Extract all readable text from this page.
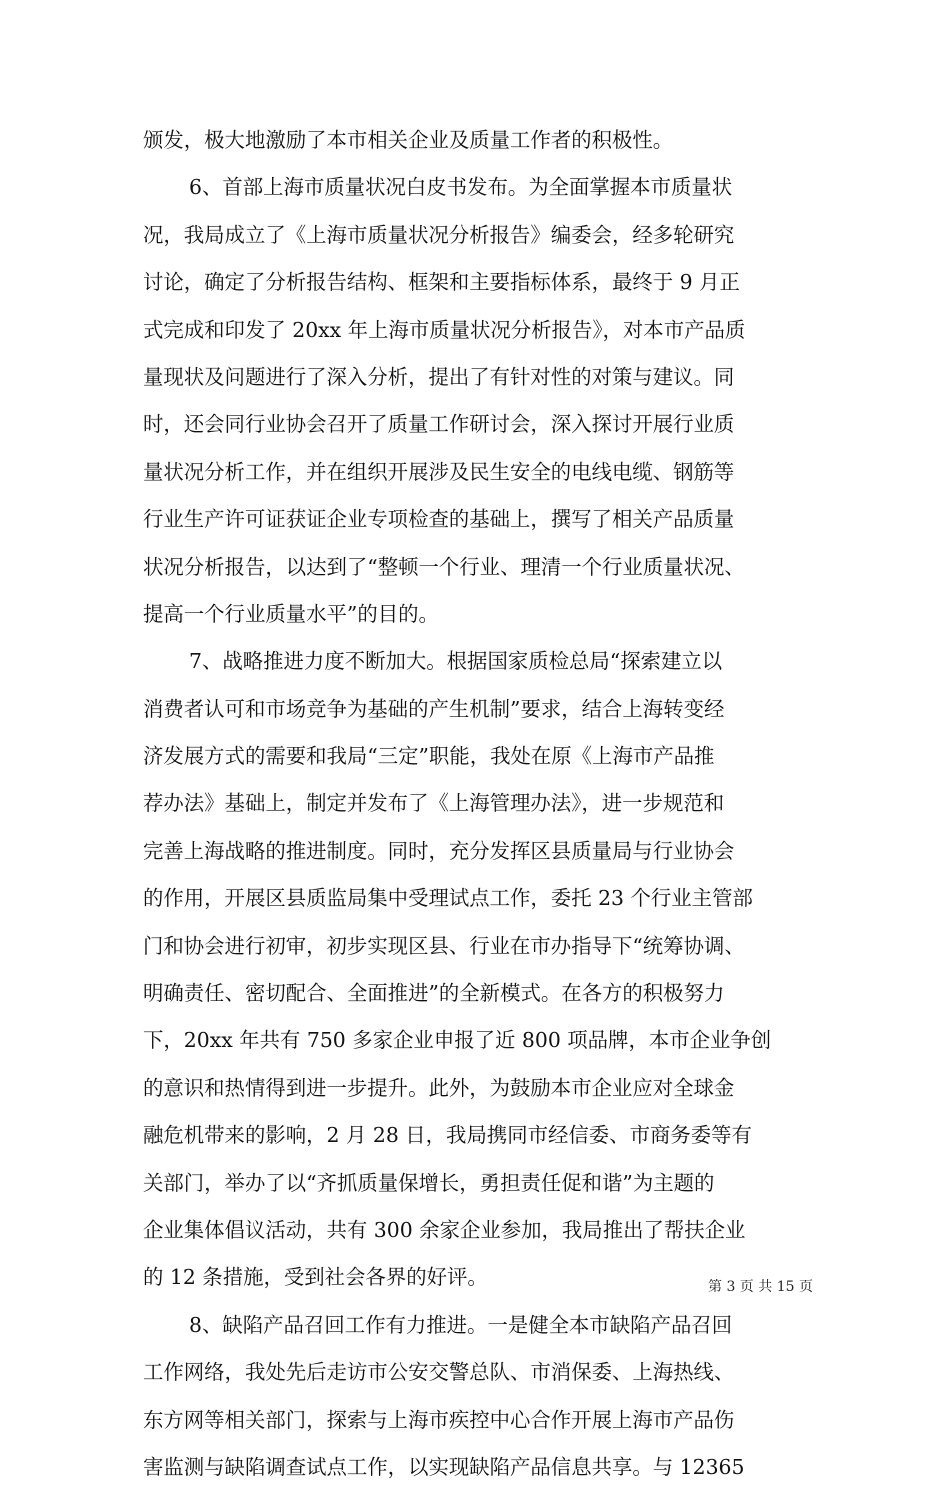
颁发，极大地激励了本市相关企业及质量工作者的积极性。
6、首部上海市质量状况白皮书发布。为全面掌握本市质量状
况，我局成立了《上海市质量状况分析报告》编委会，经多轮研究
讨论，确定了分析报告结构、框架和主要指标体系，最终于 9 月正
式完成和印发了 20xx 年上海市质量状况分析报告》，对本市产品质
量现状及问题进行了深入分析，提出了有针对性的对策与建议。同
时，还会同行业协会召开了质量工作研讨会，深入探讨开展行业质
量状况分析工作，并在组织开展涉及民生安全的电线电缆、钢筋等
行业生产许可证获证企业专项检查的基础上，撰写了相关产品质量
状况分析报告，以达到了“整顿一个行业、理清一个行业质量状况、
提高一个行业质量水平”的目的。
7、战略推进力度不断加大。根据国家质检总局“探索建立以
消费者认可和市场竞争为基础的产生机制”要求，结合上海转变经
济发展方式的需要和我局“三定”职能，我处在原《上海市产品推
荐办法》基础上，制定并发布了《上海管理办法》，进一步规范和
完善上海战略的推进制度。同时，充分发挥区县质量局与行业协会
的作用，开展区县质监局集中受理试点工作，委托 23 个行业主管部
门和协会进行初审，初步实现区县、行业在市办指导下“统筹协调、
明确责任、密切配合、全面推进”的全新模式。在各方的积极努力
下，20xx 年共有 750 多家企业申报了近 800 项品牌，本市企业争创
的意识和热情得到进一步提升。此外，为鼓励本市企业应对全球金
融危机带来的影响，2 月 28 日，我局携同市经信委、市商务委等有
关部门，举办了以“齐抓质量保增长，勇担责任促和谐”为主题的
企业集体倡议活动，共有 300 余家企业参加，我局推出了帮扶企业
的 12 条措施，受到社会各界的好评。
8、缺陷产品召回工作有力推进。一是健全本市缺陷产品召回
工作网络，我处先后走访市公安交警总队、市消保委、上海热线、
东方网等相关部门，探索与上海市疾控中心合作开展上海市产品伤
害监测与缺陷调查试点工作，以实现缺陷产品信息共享。与 12365
第 3 页 共 15 页
